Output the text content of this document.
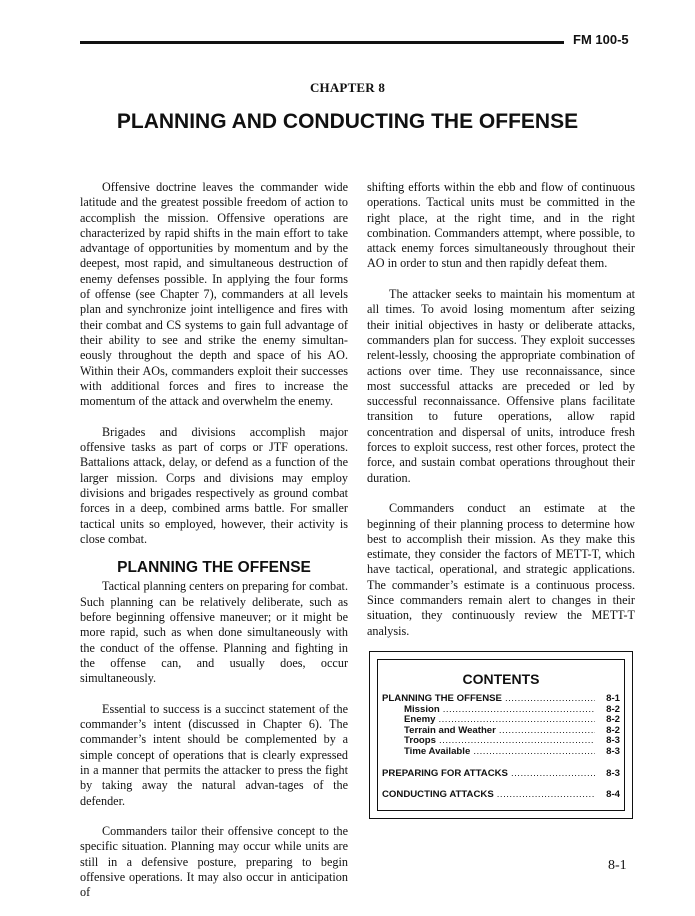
FM 100-5
CHAPTER 8
PLANNING AND CONDUCTING THE OFFENSE

Offensive doctrine leaves the commander wide latitude and the greatest possible freedom of action to accomplish the mission. Offensive operations are characterized by rapid shifts in the main effort to take advantage of opportunities by momentum and by the deepest, most rapid, and simultaneous destruction of enemy defenses possible. In applying the four forms of offense (see Chapter 7), commanders at all levels plan and synchronize joint intelligence and fires with their combat and CS systems to gain full advantage of their ability to see and strike the enemy simultan-eously throughout the depth and space of his AO. Within their AOs, commanders exploit their successes with additional forces and fires to increase the momentum of the attack and overwhelm the enemy.

Brigades and divisions accomplish major offensive tasks as part of corps or JTF operations. Battalions attack, delay, or defend as a function of the larger mission. Corps and divisions may employ divisions and brigades respectively as ground combat forces in a deep, combined arms battle. For smaller tactical units so employed, however, their activity is close combat.

PLANNING THE OFFENSE

Tactical planning centers on preparing for combat. Such planning can be relatively deliberate, such as before beginning offensive maneuver; or it might be more rapid, such as when done simultaneously with the conduct of the offense. Planning and fighting in the offense can, and usually does, occur simultaneously.

Essential to success is a succinct statement of the commander’s intent (discussed in Chapter 6). The commander’s intent should be complemented by a simple concept of operations that is clearly expressed in a manner that permits the attacker to press the fight by taking away the natural advan-tages of the defender.

Commanders tailor their offensive concept to the specific situation. Planning may occur while units are still in a defensive posture, preparing to begin offensive operations. It may also occur in anticipation of

shifting efforts within the ebb and flow of continuous operations. Tactical units must be committed in the right place, at the right time, and in the right combination. Commanders attempt, where possible, to attack enemy forces simultaneously throughout their AO in order to stun and then rapidly defeat them.

The attacker seeks to maintain his momentum at all times. To avoid losing momentum after seizing their initial objectives in hasty or deliberate attacks, commanders plan for success. They exploit successes relent-lessly, choosing the appropriate combination of actions over time. They use reconnaissance, since most successful attacks are preceded or led by successful reconnaissance. Offensive plans facilitate transition to future operations, allow rapid concentration and dispersal of units, introduce fresh forces to exploit success, rest other forces, protect the force, and sustain combat operations throughout their duration.

Commanders conduct an estimate at the beginning of their planning process to determine how best to accomplish their mission. As they make this estimate, they consider the factors of METT-T, which have tactical, operational, and strategic applications. The commander’s estimate is a continuous process. Since commanders remain alert to changes in their situation, they continuously review the METT-T analysis.

CONTENTS
PLANNING THE OFFENSE .....	8-1
Mission .....	8-2
Enemy .....	8-2
Terrain and Weather .....	8-2
Troops .....	8-3
Time Available .....	8-3
PREPARING FOR ATTACKS .....	8-3
CONDUCTING ATTACKS .....	8-4
8-1
